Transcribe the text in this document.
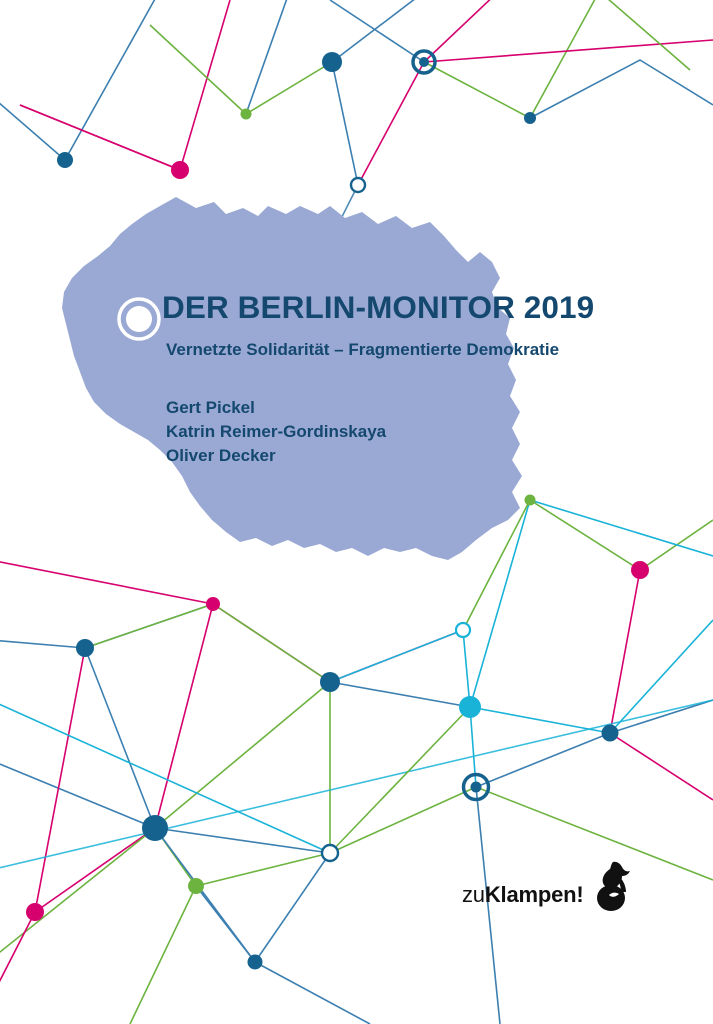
DER BERLIN-MONITOR 2019
Vernetzte Solidarität – Fragmentierte Demokratie
Gert Pickel
Katrin Reimer-Gordinskaya
Oliver Decker
zuKlampen!
